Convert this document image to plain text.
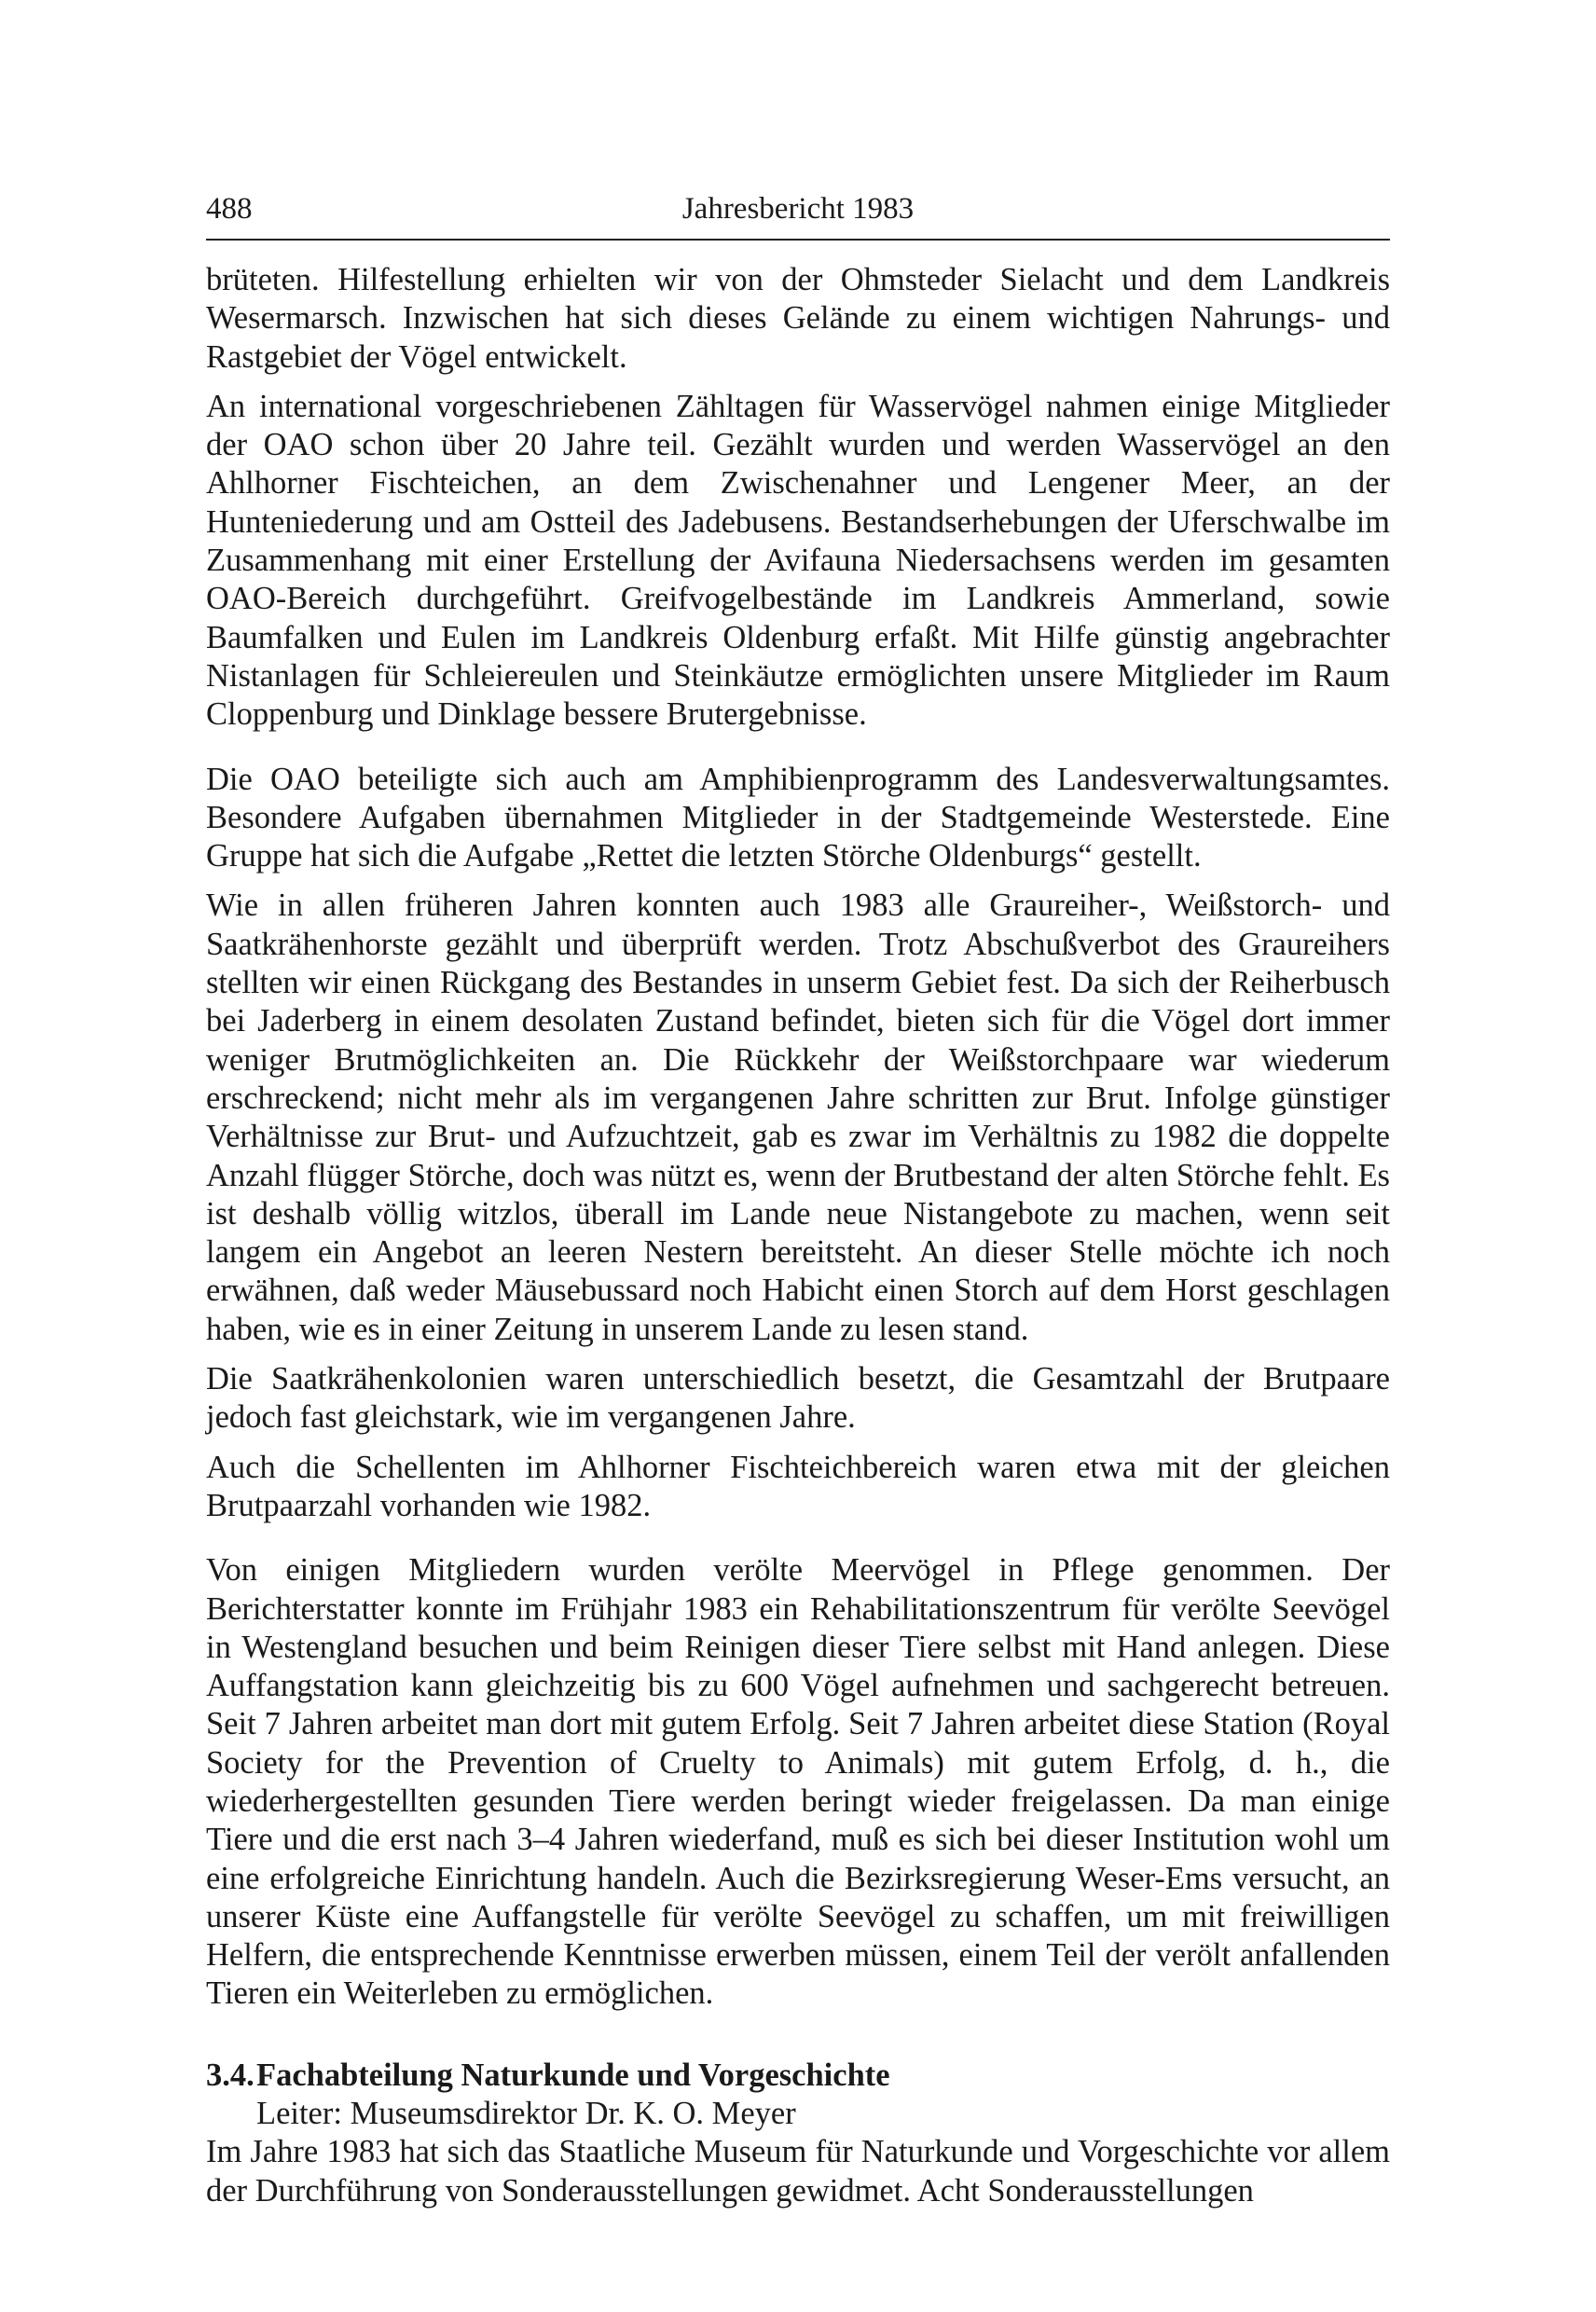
488	Jahresbericht 1983

brüteten. Hilfestellung erhielten wir von der Ohmsteder Sielacht und dem Landkreis Wesermarsch. Inzwischen hat sich dieses Gelände zu einem wichtigen Nahrungs- und Rastgebiet der Vögel entwickelt.

An international vorgeschriebenen Zähltagen für Wasservögel nahmen einige Mitglieder der OAO schon über 20 Jahre teil. Gezählt wurden und werden Wasservögel an den Ahlhorner Fischteichen, an dem Zwischenahner und Lengener Meer, an der Hunteniederung und am Ostteil des Jadebusens. Bestandserhebungen der Uferschwalbe im Zusammenhang mit einer Erstellung der Avifauna Niedersachsens werden im gesamten OAO-Bereich durchgeführt. Greifvogelbestände im Landkreis Ammerland, sowie Baumfalken und Eulen im Landkreis Oldenburg erfaßt. Mit Hilfe günstig angebrachter Nistanlagen für Schleiereulen und Steinkäutze ermöglichten unsere Mitglieder im Raum Cloppenburg und Dinklage bessere Brutergebnisse.

Die OAO beteiligte sich auch am Amphibienprogramm des Landesverwaltungsamtes. Besondere Aufgaben übernahmen Mitglieder in der Stadtgemeinde Westerstede. Eine Gruppe hat sich die Aufgabe „Rettet die letzten Störche Oldenburgs“ gestellt.

Wie in allen früheren Jahren konnten auch 1983 alle Graureiher-, Weißstorch- und Saatkrähenhorste gezählt und überprüft werden. Trotz Abschußverbot des Graureihers stellten wir einen Rückgang des Bestandes in unserm Gebiet fest. Da sich der Reiherbusch bei Jaderberg in einem desolaten Zustand befindet, bieten sich für die Vögel dort immer weniger Brutmöglichkeiten an. Die Rückkehr der Weißstorchpaare war wiederum erschreckend; nicht mehr als im vergangenen Jahre schritten zur Brut. Infolge günstiger Verhältnisse zur Brut- und Aufzuchtzeit, gab es zwar im Verhältnis zu 1982 die doppelte Anzahl flügger Störche, doch was nützt es, wenn der Brutbestand der alten Störche fehlt. Es ist deshalb völlig witzlos, überall im Lande neue Nistangebote zu machen, wenn seit langem ein Angebot an leeren Nestern bereitsteht. An dieser Stelle möchte ich noch erwähnen, daß weder Mäusebussard noch Habicht einen Storch auf dem Horst geschlagen haben, wie es in einer Zeitung in unserem Lande zu lesen stand.

Die Saatkrähenkolonien waren unterschiedlich besetzt, die Gesamtzahl der Brutpaare jedoch fast gleichstark, wie im vergangenen Jahre.

Auch die Schellenten im Ahlhorner Fischteichbereich waren etwa mit der gleichen Brutpaarzahl vorhanden wie 1982.

Von einigen Mitgliedern wurden verölte Meervögel in Pflege genommen. Der Berichterstatter konnte im Frühjahr 1983 ein Rehabilitationszentrum für verölte Seevögel in Westengland besuchen und beim Reinigen dieser Tiere selbst mit Hand anlegen. Diese Auffangstation kann gleichzeitig bis zu 600 Vögel aufnehmen und sachgerecht betreuen. Seit 7 Jahren arbeitet man dort mit gutem Erfolg. Seit 7 Jahren arbeitet diese Station (Royal Society for the Prevention of Cruelty to Animals) mit gutem Erfolg, d. h., die wiederhergestellten gesunden Tiere werden beringt wieder freigelassen. Da man einige Tiere und die erst nach 3–4 Jahren wiederfand, muß es sich bei dieser Institution wohl um eine erfolgreiche Einrichtung handeln. Auch die Bezirksregierung Weser-Ems versucht, an unserer Küste eine Auffangstelle für verölte Seevögel zu schaffen, um mit freiwilligen Helfern, die entsprechende Kenntnisse erwerben müssen, einem Teil der verölt anfallenden Tieren ein Weiterleben zu ermöglichen.

3.4.Fachabteilung Naturkunde und Vorgeschichte
Leiter: Museumsdirektor Dr. K. O. Meyer

Im Jahre 1983 hat sich das Staatliche Museum für Naturkunde und Vorgeschichte vor allem der Durchführung von Sonderausstellungen gewidmet. Acht Sonderausstellungen
